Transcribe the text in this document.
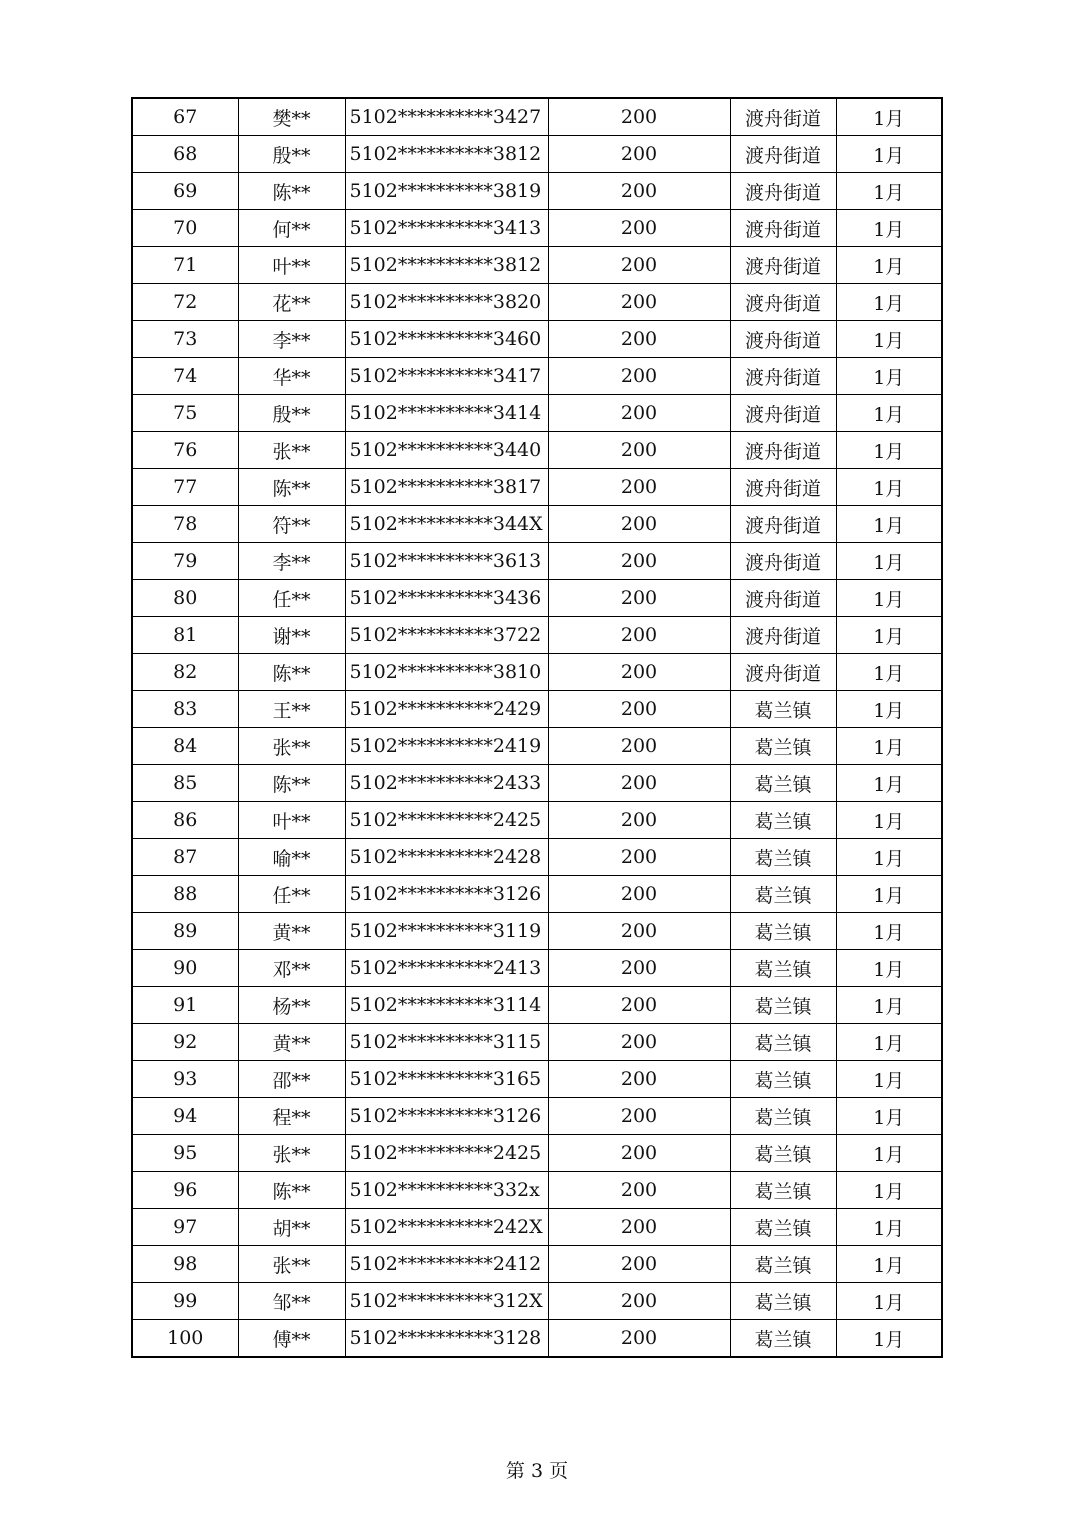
67	樊**	5102**********3427	200	渡舟街道	1月
68	殷**	5102**********3812	200	渡舟街道	1月
69	陈**	5102**********3819	200	渡舟街道	1月
70	何**	5102**********3413	200	渡舟街道	1月
71	叶**	5102**********3812	200	渡舟街道	1月
72	花**	5102**********3820	200	渡舟街道	1月
73	李**	5102**********3460	200	渡舟街道	1月
74	华**	5102**********3417	200	渡舟街道	1月
75	殷**	5102**********3414	200	渡舟街道	1月
76	张**	5102**********3440	200	渡舟街道	1月
77	陈**	5102**********3817	200	渡舟街道	1月
78	符**	5102**********344X	200	渡舟街道	1月
79	李**	5102**********3613	200	渡舟街道	1月
80	任**	5102**********3436	200	渡舟街道	1月
81	谢**	5102**********3722	200	渡舟街道	1月
82	陈**	5102**********3810	200	渡舟街道	1月
83	王**	5102**********2429	200	葛兰镇	1月
84	张**	5102**********2419	200	葛兰镇	1月
85	陈**	5102**********2433	200	葛兰镇	1月
86	叶**	5102**********2425	200	葛兰镇	1月
87	喻**	5102**********2428	200	葛兰镇	1月
88	任**	5102**********3126	200	葛兰镇	1月
89	黄**	5102**********3119	200	葛兰镇	1月
90	邓**	5102**********2413	200	葛兰镇	1月
91	杨**	5102**********3114	200	葛兰镇	1月
92	黄**	5102**********3115	200	葛兰镇	1月
93	邵**	5102**********3165	200	葛兰镇	1月
94	程**	5102**********3126	200	葛兰镇	1月
95	张**	5102**********2425	200	葛兰镇	1月
96	陈**	5102**********332x	200	葛兰镇	1月
97	胡**	5102**********242X	200	葛兰镇	1月
98	张**	5102**********2412	200	葛兰镇	1月
99	邹**	5102**********312X	200	葛兰镇	1月
100	傅**	5102**********3128	200	葛兰镇	1月
第 3 页
